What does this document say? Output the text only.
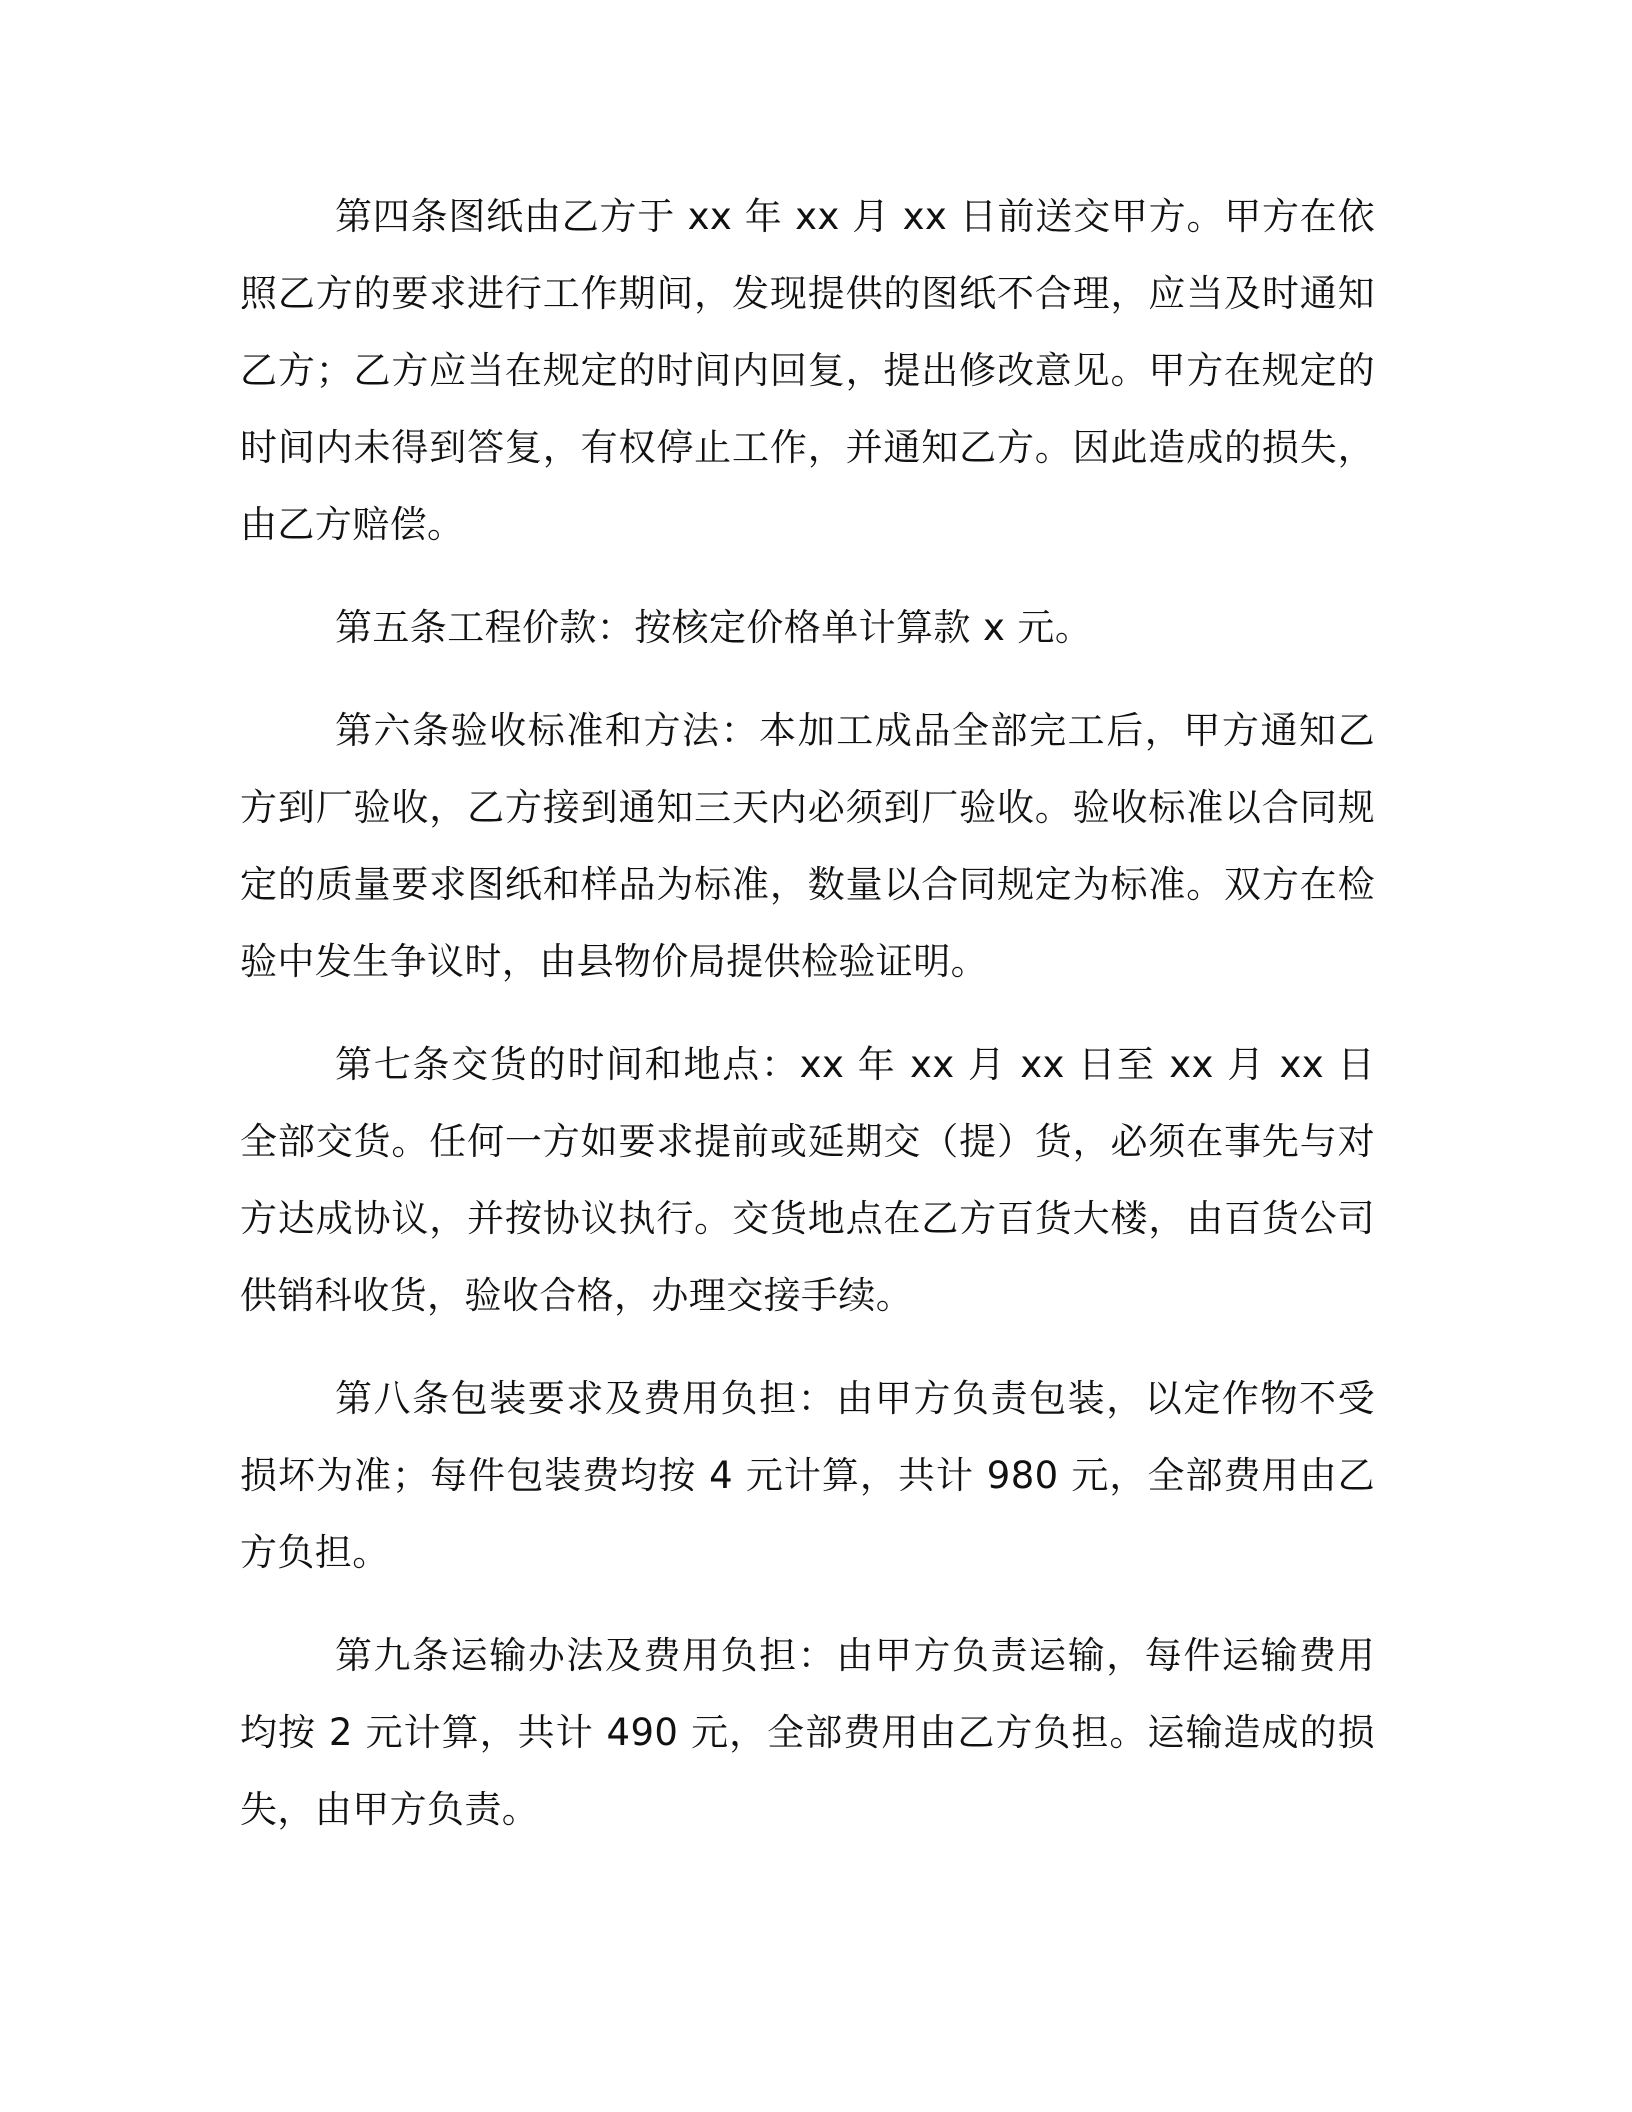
第四条图纸由乙方于 xx 年 xx 月 xx 日前送交甲方。甲方在依照乙方的要求进行工作期间，发现提供的图纸不合理，应当及时通知乙方；乙方应当在规定的时间内回复，提出修改意见。甲方在规定的时间内未得到答复，有权停止工作，并通知乙方。因此造成的损失，由乙方赔偿。

第五条工程价款：按核定价格单计算款 x 元。

第六条验收标准和方法：本加工成品全部完工后，甲方通知乙方到厂验收，乙方接到通知三天内必须到厂验收。验收标准以合同规定的质量要求图纸和样品为标准，数量以合同规定为标准。双方在检验中发生争议时，由县物价局提供检验证明。

第七条交货的时间和地点：xx 年 xx 月 xx 日至 xx 月 xx 日全部交货。任何一方如要求提前或延期交（提）货，必须在事先与对方达成协议，并按协议执行。交货地点在乙方百货大楼，由百货公司供销科收货，验收合格，办理交接手续。

第八条包装要求及费用负担：由甲方负责包装，以定作物不受损坏为准；每件包装费均按 4 元计算，共计 980 元，全部费用由乙方负担。

第九条运输办法及费用负担：由甲方负责运输，每件运输费用均按 2 元计算，共计 490 元，全部费用由乙方负担。运输造成的损失，由甲方负责。
